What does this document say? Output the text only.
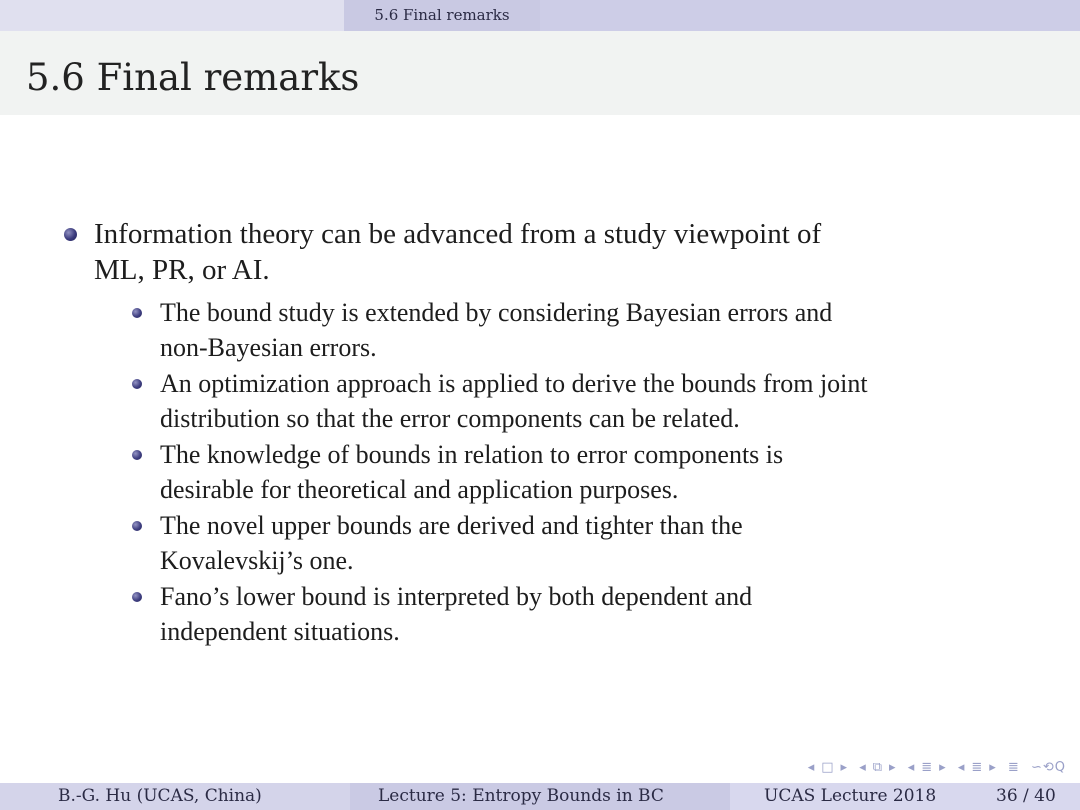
5.6 Final remarks
5.6 Final remarks
Information theory can be advanced from a study viewpoint of
ML, PR, or AI.
The bound study is extended by considering Bayesian errors and
non-Bayesian errors.
An optimization approach is applied to derive the bounds from joint
distribution so that the error components can be related.
The knowledge of bounds in relation to error components is
desirable for theoretical and application purposes.
The novel upper bounds are derived and tighter than the
Kovalevskij’s one.
Fano’s lower bound is interpreted by both dependent and
independent situations.
◂ □ ▸ ◂ ⧉ ▸ ◂ ≣ ▸ ◂ ≣ ▸ ≣ ∽⟲Q
B.-G. Hu (UCAS, China)	Lecture 5: Entropy Bounds in BC	UCAS Lecture 2018	36 / 40
